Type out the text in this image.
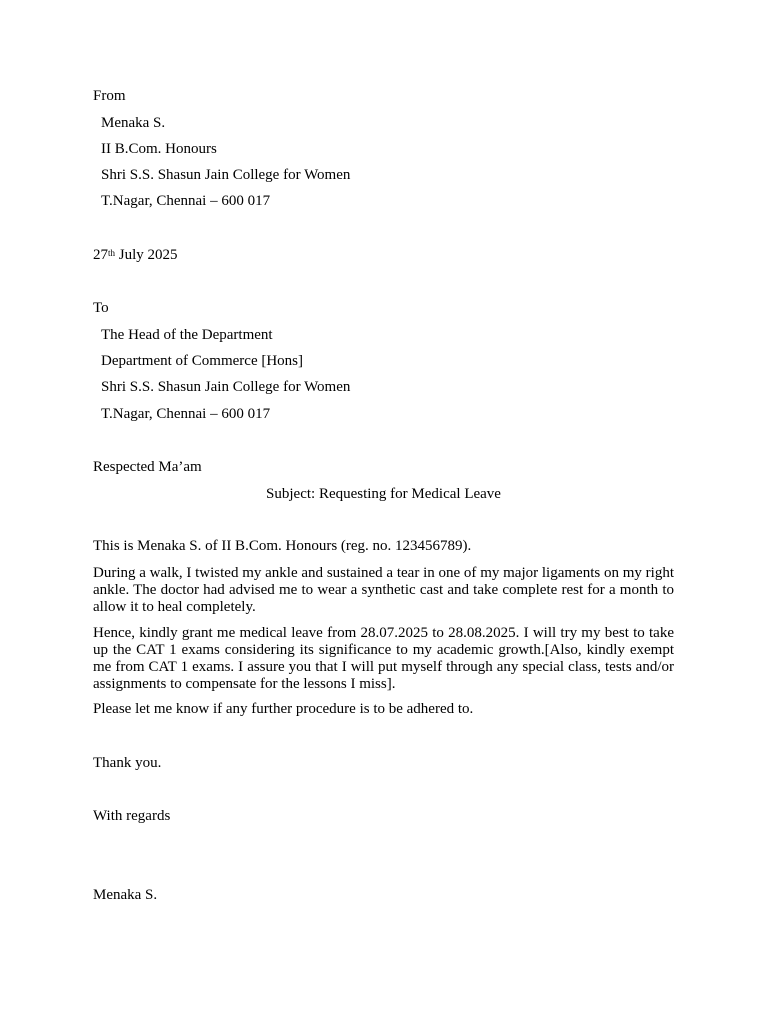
From
Menaka S.
II B.Com. Honours
Shri S.S. Shasun Jain College for Women
T.Nagar, Chennai – 600 017
27th July 2025
To
The Head of the Department
Department of Commerce [Hons]
Shri S.S. Shasun Jain College for Women
T.Nagar, Chennai – 600 017
Respected Ma’am
Subject: Requesting for Medical Leave
This is Menaka S. of II B.Com. Honours (reg. no. 123456789).
During a walk, I twisted my ankle and sustained a tear in one of my major ligaments on my right ankle. The doctor had advised me to wear a synthetic cast and take complete rest for a month to allow it to heal completely.
Hence, kindly grant me medical leave from 28.07.2025 to 28.08.2025. I will try my best to take up the CAT 1 exams considering its significance to my academic growth.[Also, kindly exempt me from CAT 1 exams. I assure you that I will put myself through any special class, tests and/or assignments to compensate for the lessons I miss].
Please let me know if any further procedure is to be adhered to.
Thank you.
With regards
Menaka S.
